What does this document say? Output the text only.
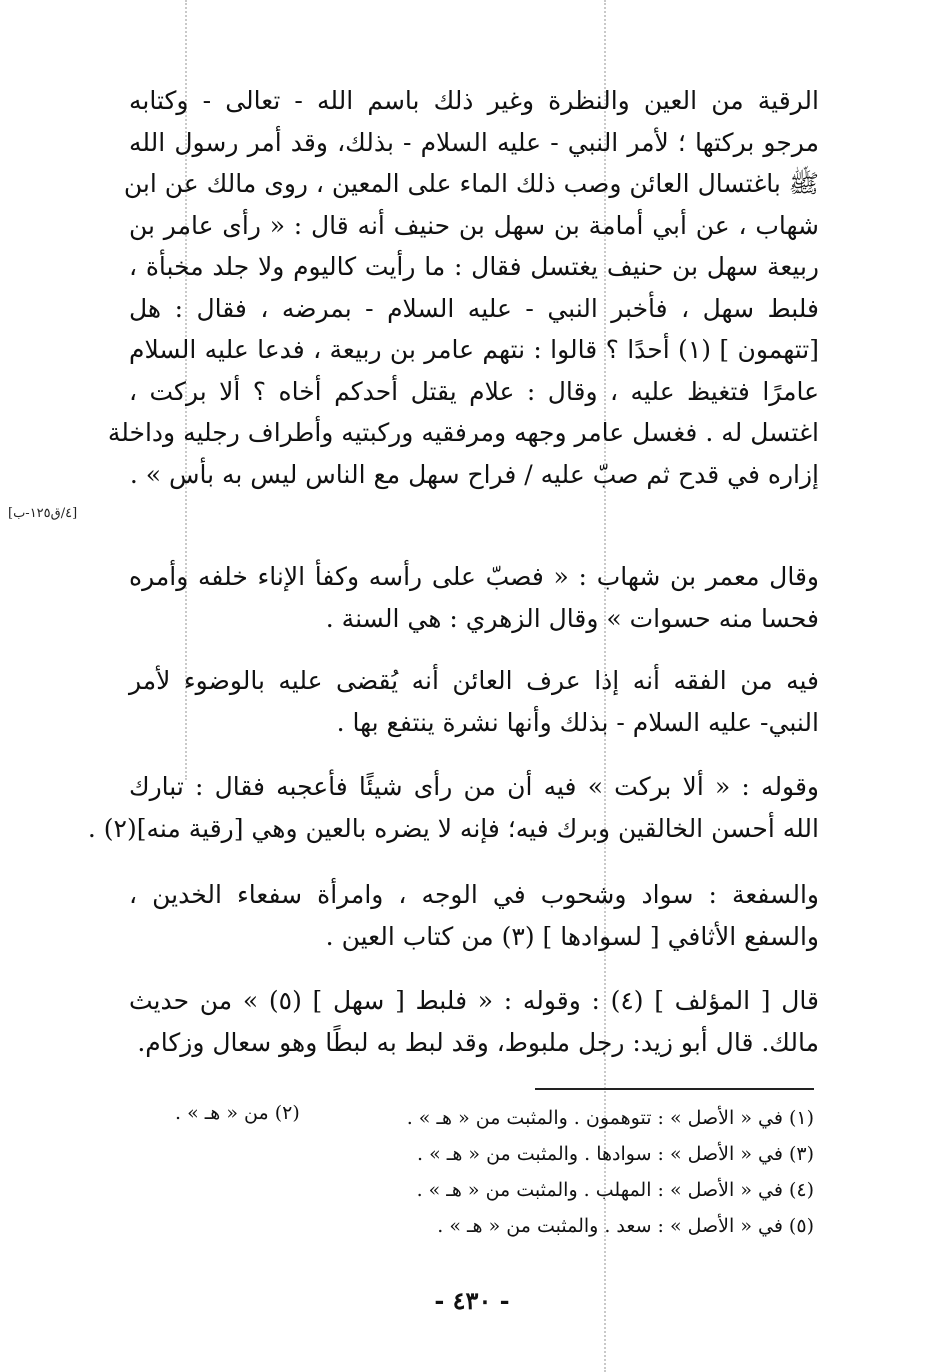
الرقية من العين والنظرة وغير ذلك باسم الله - تعالى - وكتابه
مرجو بركتها ؛ لأمر النبي - عليه السلام - بذلك، وقد أمر رسول الله
ﷺ باغتسال العائن وصب ذلك الماء على المعين ، روى مالك عن ابن
شهاب ، عن أبي أمامة بن سهل بن حنيف أنه قال : « رأى عامر بن
ربيعة سهل بن حنيف يغتسل فقال : ما رأيت كاليوم ولا جلد مخبأة ،
فلبط سهل ، فأخبر النبي - عليه السلام - بمرضه ، فقال : هل
[تتهمون ] (١) أحدًا ؟ قالوا : نتهم عامر بن ربيعة ، فدعا عليه السلام
عامرًا فتغيظ عليه ، وقال : علام يقتل أحدكم أخاه ؟ ألا بركت ،
اغتسل له . فغسل عامر وجهه ومرفقيه وركبتيه وأطراف رجليه وداخلة
إزاره في قدح ثم صبّ عليه / فراح سهل مع الناس ليس به بأس » .
[٤/ق١٢٥-ب]
وقال معمر بن شهاب : « فصبّ على رأسه وكفأ الإناء خلفه وأمره
فحسا منه حسوات » وقال الزهري : هي السنة .
فيه من الفقه أنه إذا عرف العائن أنه يُقضى عليه بالوضوء لأمر
النبي- عليه السلام - بذلك وأنها نشرة ينتفع بها .
وقوله : « ألا بركت » فيه أن من رأى شيئًا فأعجبه فقال : تبارك
الله أحسن الخالقين وبرك فيه؛ فإنه لا يضره بالعين وهي [رقية منه](٢) .
والسفعة : سواد وشحوب في الوجه ، وامرأة سفعاء الخدين ،
والسفع الأثافي [ لسوادها ] (٣) من كتاب العين .
قال [ المؤلف ] (٤) : وقوله : « فلبط [ سهل ] (٥) » من حديث
مالك. قال أبو زيد: رجل ملبوط، وقد لبط به لبطًا وهو سعال وزكام.
(١) في « الأصل » : تتوهمون . والمثبت من « هـ » .
(٣) في « الأصل » : سوادها . والمثبت من « هـ » .
(٤) في « الأصل » : المهلب . والمثبت من « هـ » .
(٥) في « الأصل » : سعد . والمثبت من « هـ » .
(٢) من « هـ » .
- ٤٣٠ -
